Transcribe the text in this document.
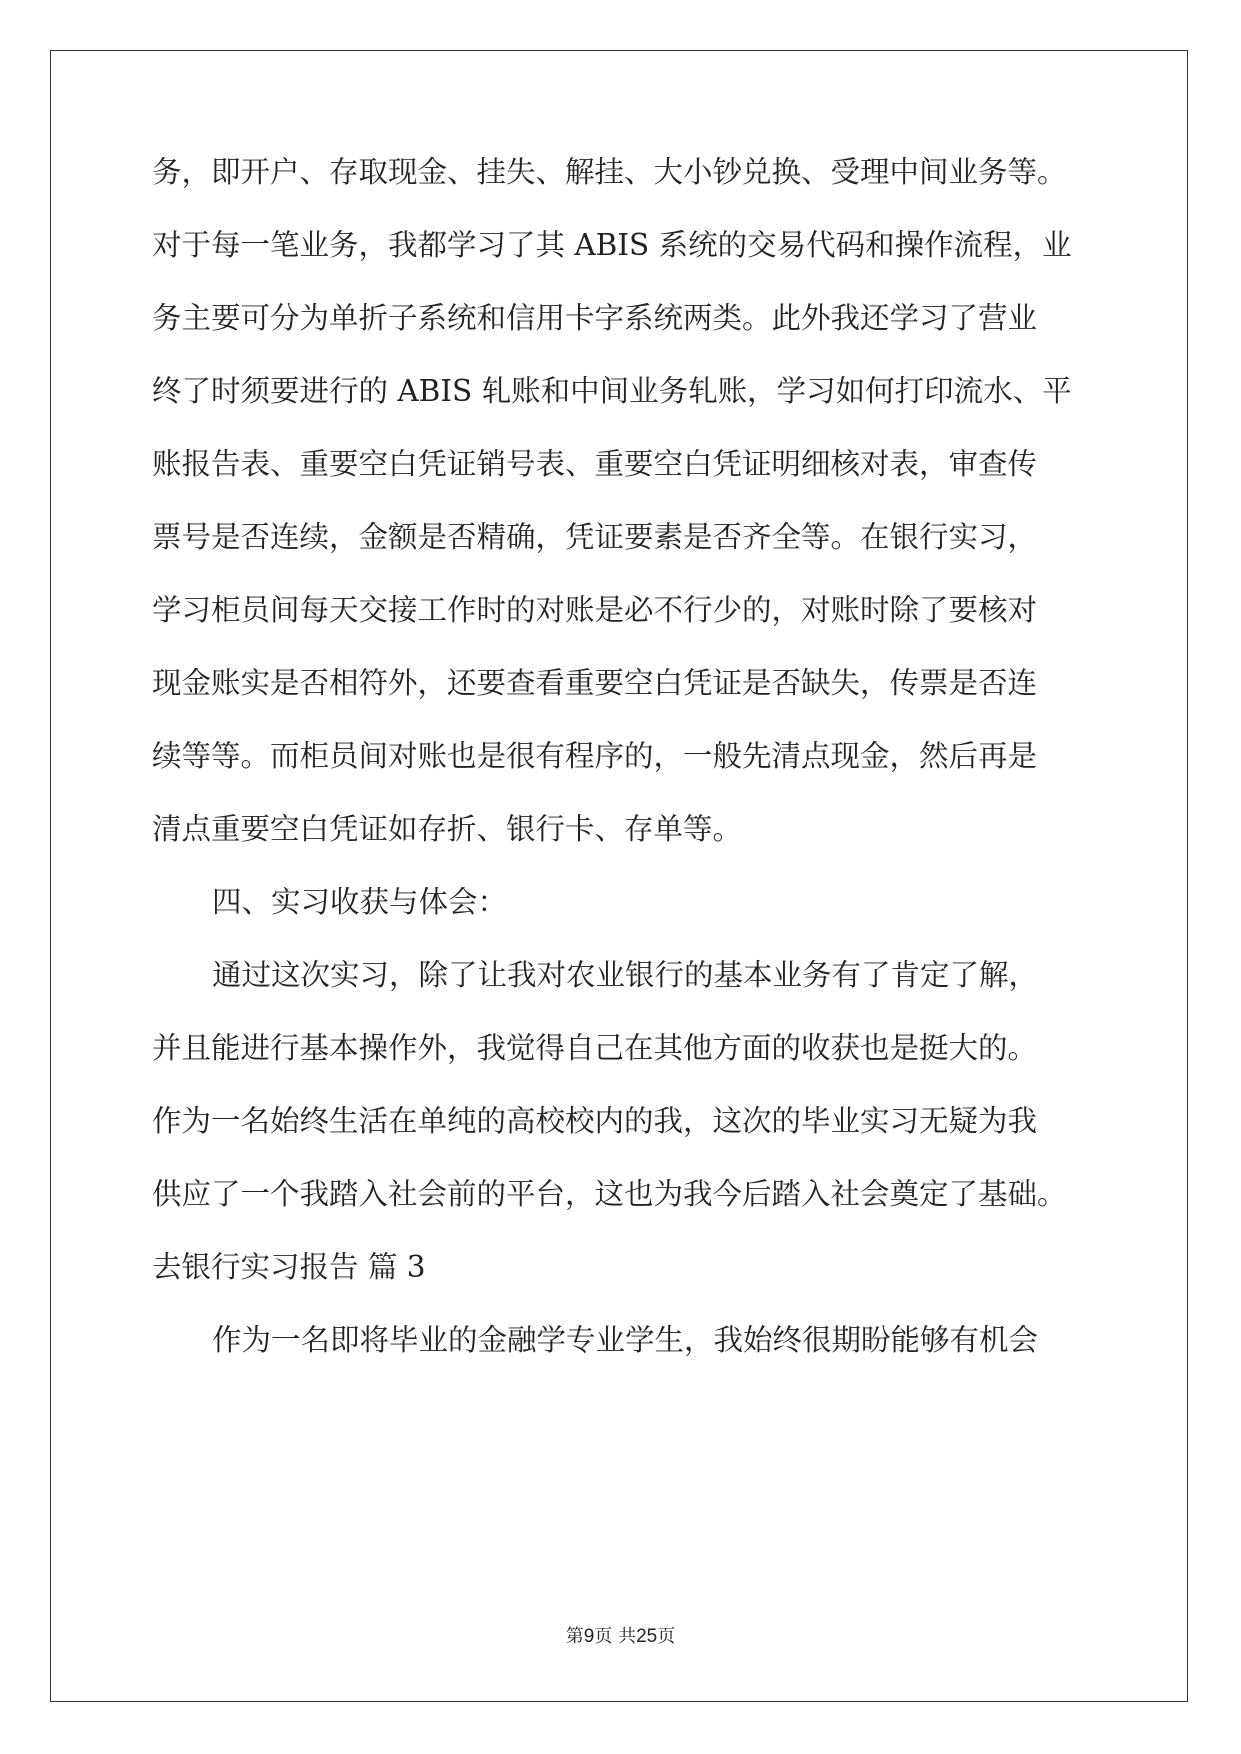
务，即开户、存取现金、挂失、解挂、大小钞兑换、受理中间业务等。
对于每一笔业务，我都学习了其 ABIS 系统的交易代码和操作流程，业
务主要可分为单折子系统和信用卡字系统两类。此外我还学习了营业
终了时须要进行的 ABIS 轧账和中间业务轧账，学习如何打印流水、平
账报告表、重要空白凭证销号表、重要空白凭证明细核对表，审查传
票号是否连续，金额是否精确，凭证要素是否齐全等。在银行实习，
学习柜员间每天交接工作时的对账是必不行少的，对账时除了要核对
现金账实是否相符外，还要查看重要空白凭证是否缺失，传票是否连
续等等。而柜员间对账也是很有程序的，一般先清点现金，然后再是
清点重要空白凭证如存折、银行卡、存单等。
四、实习收获与体会：
通过这次实习，除了让我对农业银行的基本业务有了肯定了解，
并且能进行基本操作外，我觉得自己在其他方面的收获也是挺大的。
作为一名始终生活在单纯的高校校内的我，这次的毕业实习无疑为我
供应了一个我踏入社会前的平台，这也为我今后踏入社会奠定了基础。
去银行实习报告 篇 3
作为一名即将毕业的金融学专业学生，我始终很期盼能够有机会
第9页 共25页
